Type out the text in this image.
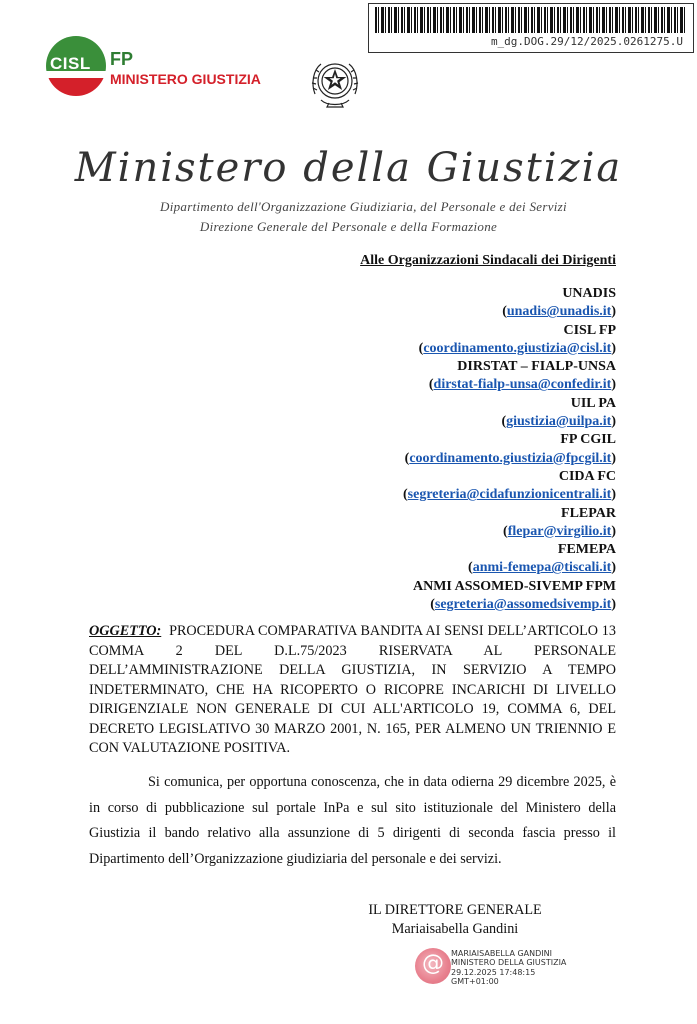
m_dg.DOG.29/12/2025.0261275.U
CISL FP
MINISTERO GIUSTIZIA
Ministero della Giustizia
Dipartimento dell'Organizzazione Giudiziaria, del Personale e dei Servizi
Direzione Generale del Personale e della Formazione
Alle Organizzazioni Sindacali dei Dirigenti
UNADIS
(unadis@unadis.it)
CISL FP
(coordinamento.giustizia@cisl.it)
DIRSTAT – FIALP-UNSA
(dirstat-fialp-unsa@confedir.it)
UIL PA
(giustizia@uilpa.it)
FP CGIL
(coordinamento.giustizia@fpcgil.it)
CIDA FC
(segreteria@cidafunzionicentrali.it)
FLEPAR
(flepar@virgilio.it)
FEMEPA
(anmi-femepa@tiscali.it)
ANMI ASSOMED-SIVEMP FPM
(segreteria@assomedsivemp.it)
OGGETTO: PROCEDURA COMPARATIVA BANDITA AI SENSI DELL’ARTICOLO 13 COMMA 2 DEL D.L.75/2023 RISERVATA AL PERSONALE DELL’AMMINISTRAZIONE DELLA GIUSTIZIA, IN SERVIZIO A TEMPO INDETERMINATO, CHE HA RICOPERTO O RICOPRE INCARICHI DI LIVELLO DIRIGENZIALE NON GENERALE DI CUI ALL'ARTICOLO 19, COMMA 6, DEL DECRETO LEGISLATIVO 30 MARZO 2001, N. 165, PER ALMENO UN TRIENNIO E CON VALUTAZIONE POSITIVA.

Si comunica, per opportuna conoscenza, che in data odierna 29 dicembre 2025, è in corso di pubblicazione sul portale InPa e sul sito istituzionale del Ministero della Giustizia il bando relativo alla assunzione di 5 dirigenti di seconda fascia presso il Dipartimento dell’Organizzazione giudiziaria del personale e dei servizi.

IL DIRETTORE GENERALE
Mariaisabella Gandini
@ MARIAISABELLA GANDINI
MINISTERO DELLA GIUSTIZIA
29.12.2025 17:48:15
GMT+01:00
